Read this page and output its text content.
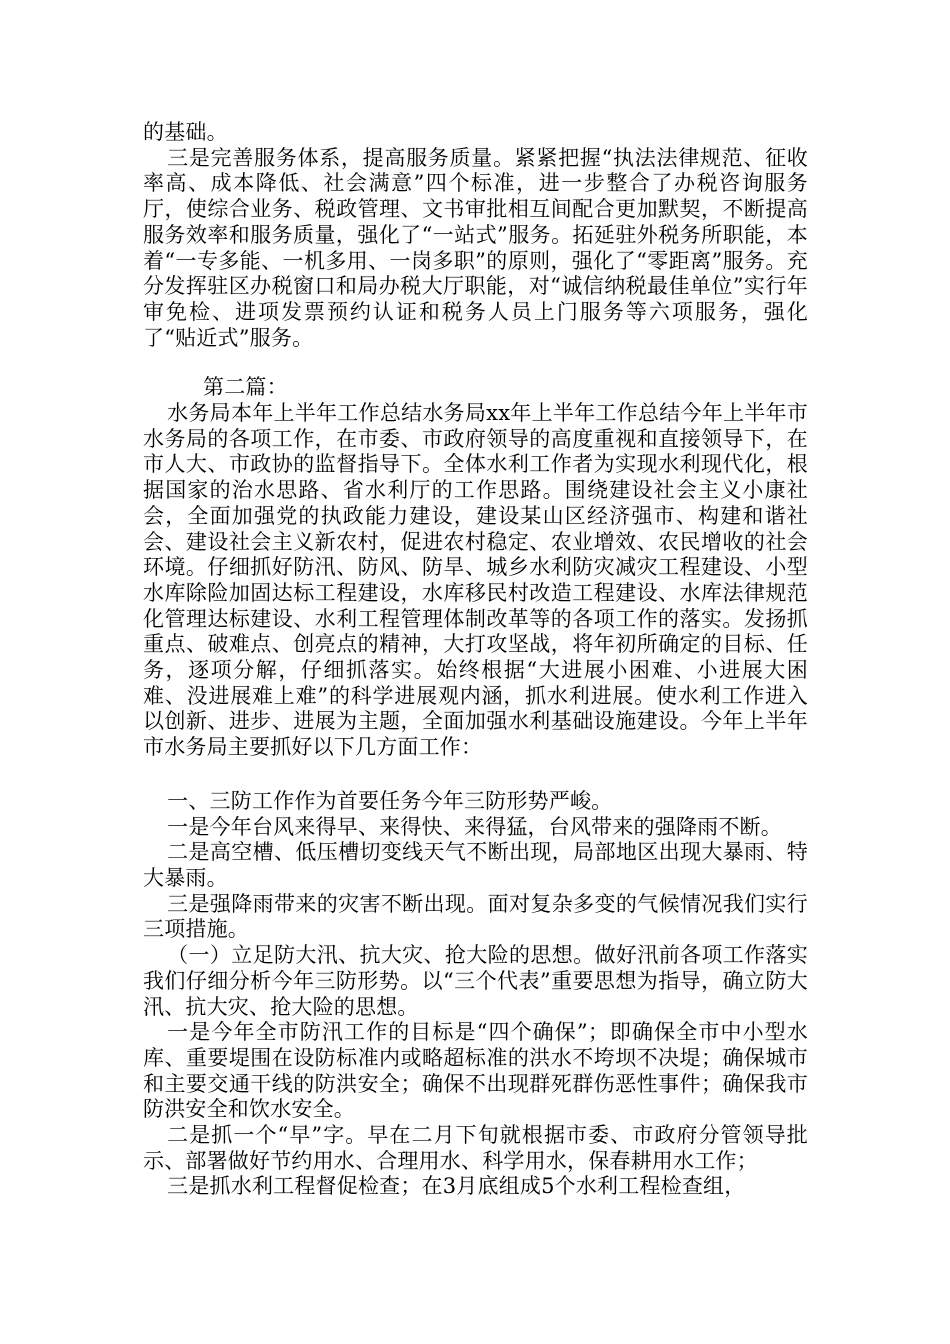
的基础。

三是完善服务体系，提高服务质量。紧紧把握“执法法律规范、征收率高、成本降低、社会满意”四个标准，进一步整合了办税咨询服务厅，使综合业务、税政管理、文书审批相互间配合更加默契，不断提高服务效率和服务质量，强化了“一站式”服务。拓延驻外税务所职能，本着“一专多能、一机多用、一岗多职”的原则，强化了“零距离”服务。充分发挥驻区办税窗口和局办税大厅职能，对“诚信纳税最佳单位”实行年审免检、进项发票预约认证和税务人员上门服务等六项服务，强化了“贴近式”服务。

第二篇：

水务局本年上半年工作总结水务局xx年上半年工作总结今年上半年市水务局的各项工作，在市委、市政府领导的高度重视和直接领导下，在市人大、市政协的监督指导下。全体水利工作者为实现水利现代化，根据国家的治水思路、省水利厅的工作思路。围绕建设社会主义小康社会，全面加强党的执政能力建设，建设某山区经济强市、构建和谐社会、建设社会主义新农村，促进农村稳定、农业增效、农民增收的社会环境。仔细抓好防汛、防风、防旱、城乡水利防灾减灾工程建设、小型水库除险加固达标工程建设，水库移民村改造工程建设、水库法律规范化管理达标建设、水利工程管理体制改革等的各项工作的落实。发扬抓重点、破难点、创亮点的精神，大打攻坚战，将年初所确定的目标、任务，逐项分解，仔细抓落实。始终根据“大进展小困难、小进展大困难、没进展难上难”的科学进展观内涵，抓水利进展。使水利工作进入以创新、进步、进展为主题，全面加强水利基础设施建设。今年上半年市水务局主要抓好以下几方面工作：

一、三防工作作为首要任务今年三防形势严峻。

一是今年台风来得早、来得快、来得猛，台风带来的强降雨不断。

二是高空槽、低压槽切变线天气不断出现，局部地区出现大暴雨、特大暴雨。

三是强降雨带来的灾害不断出现。面对复杂多变的气候情况我们实行三项措施。

（一）立足防大汛、抗大灾、抢大险的思想。做好汛前各项工作落实我们仔细分析今年三防形势。以“三个代表”重要思想为指导，确立防大汛、抗大灾、抢大险的思想。

一是今年全市防汛工作的目标是“四个确保”；即确保全市中小型水库、重要堤围在设防标准内或略超标准的洪水不垮坝不决堤；确保城市和主要交通干线的防洪安全；确保不出现群死群伤恶性事件；确保我市防洪安全和饮水安全。

二是抓一个“早”字。早在二月下旬就根据市委、市政府分管领导批示、部署做好节约用水、合理用水、科学用水，保春耕用水工作；

三是抓水利工程督促检查；在3月底组成5个水利工程检查组，
